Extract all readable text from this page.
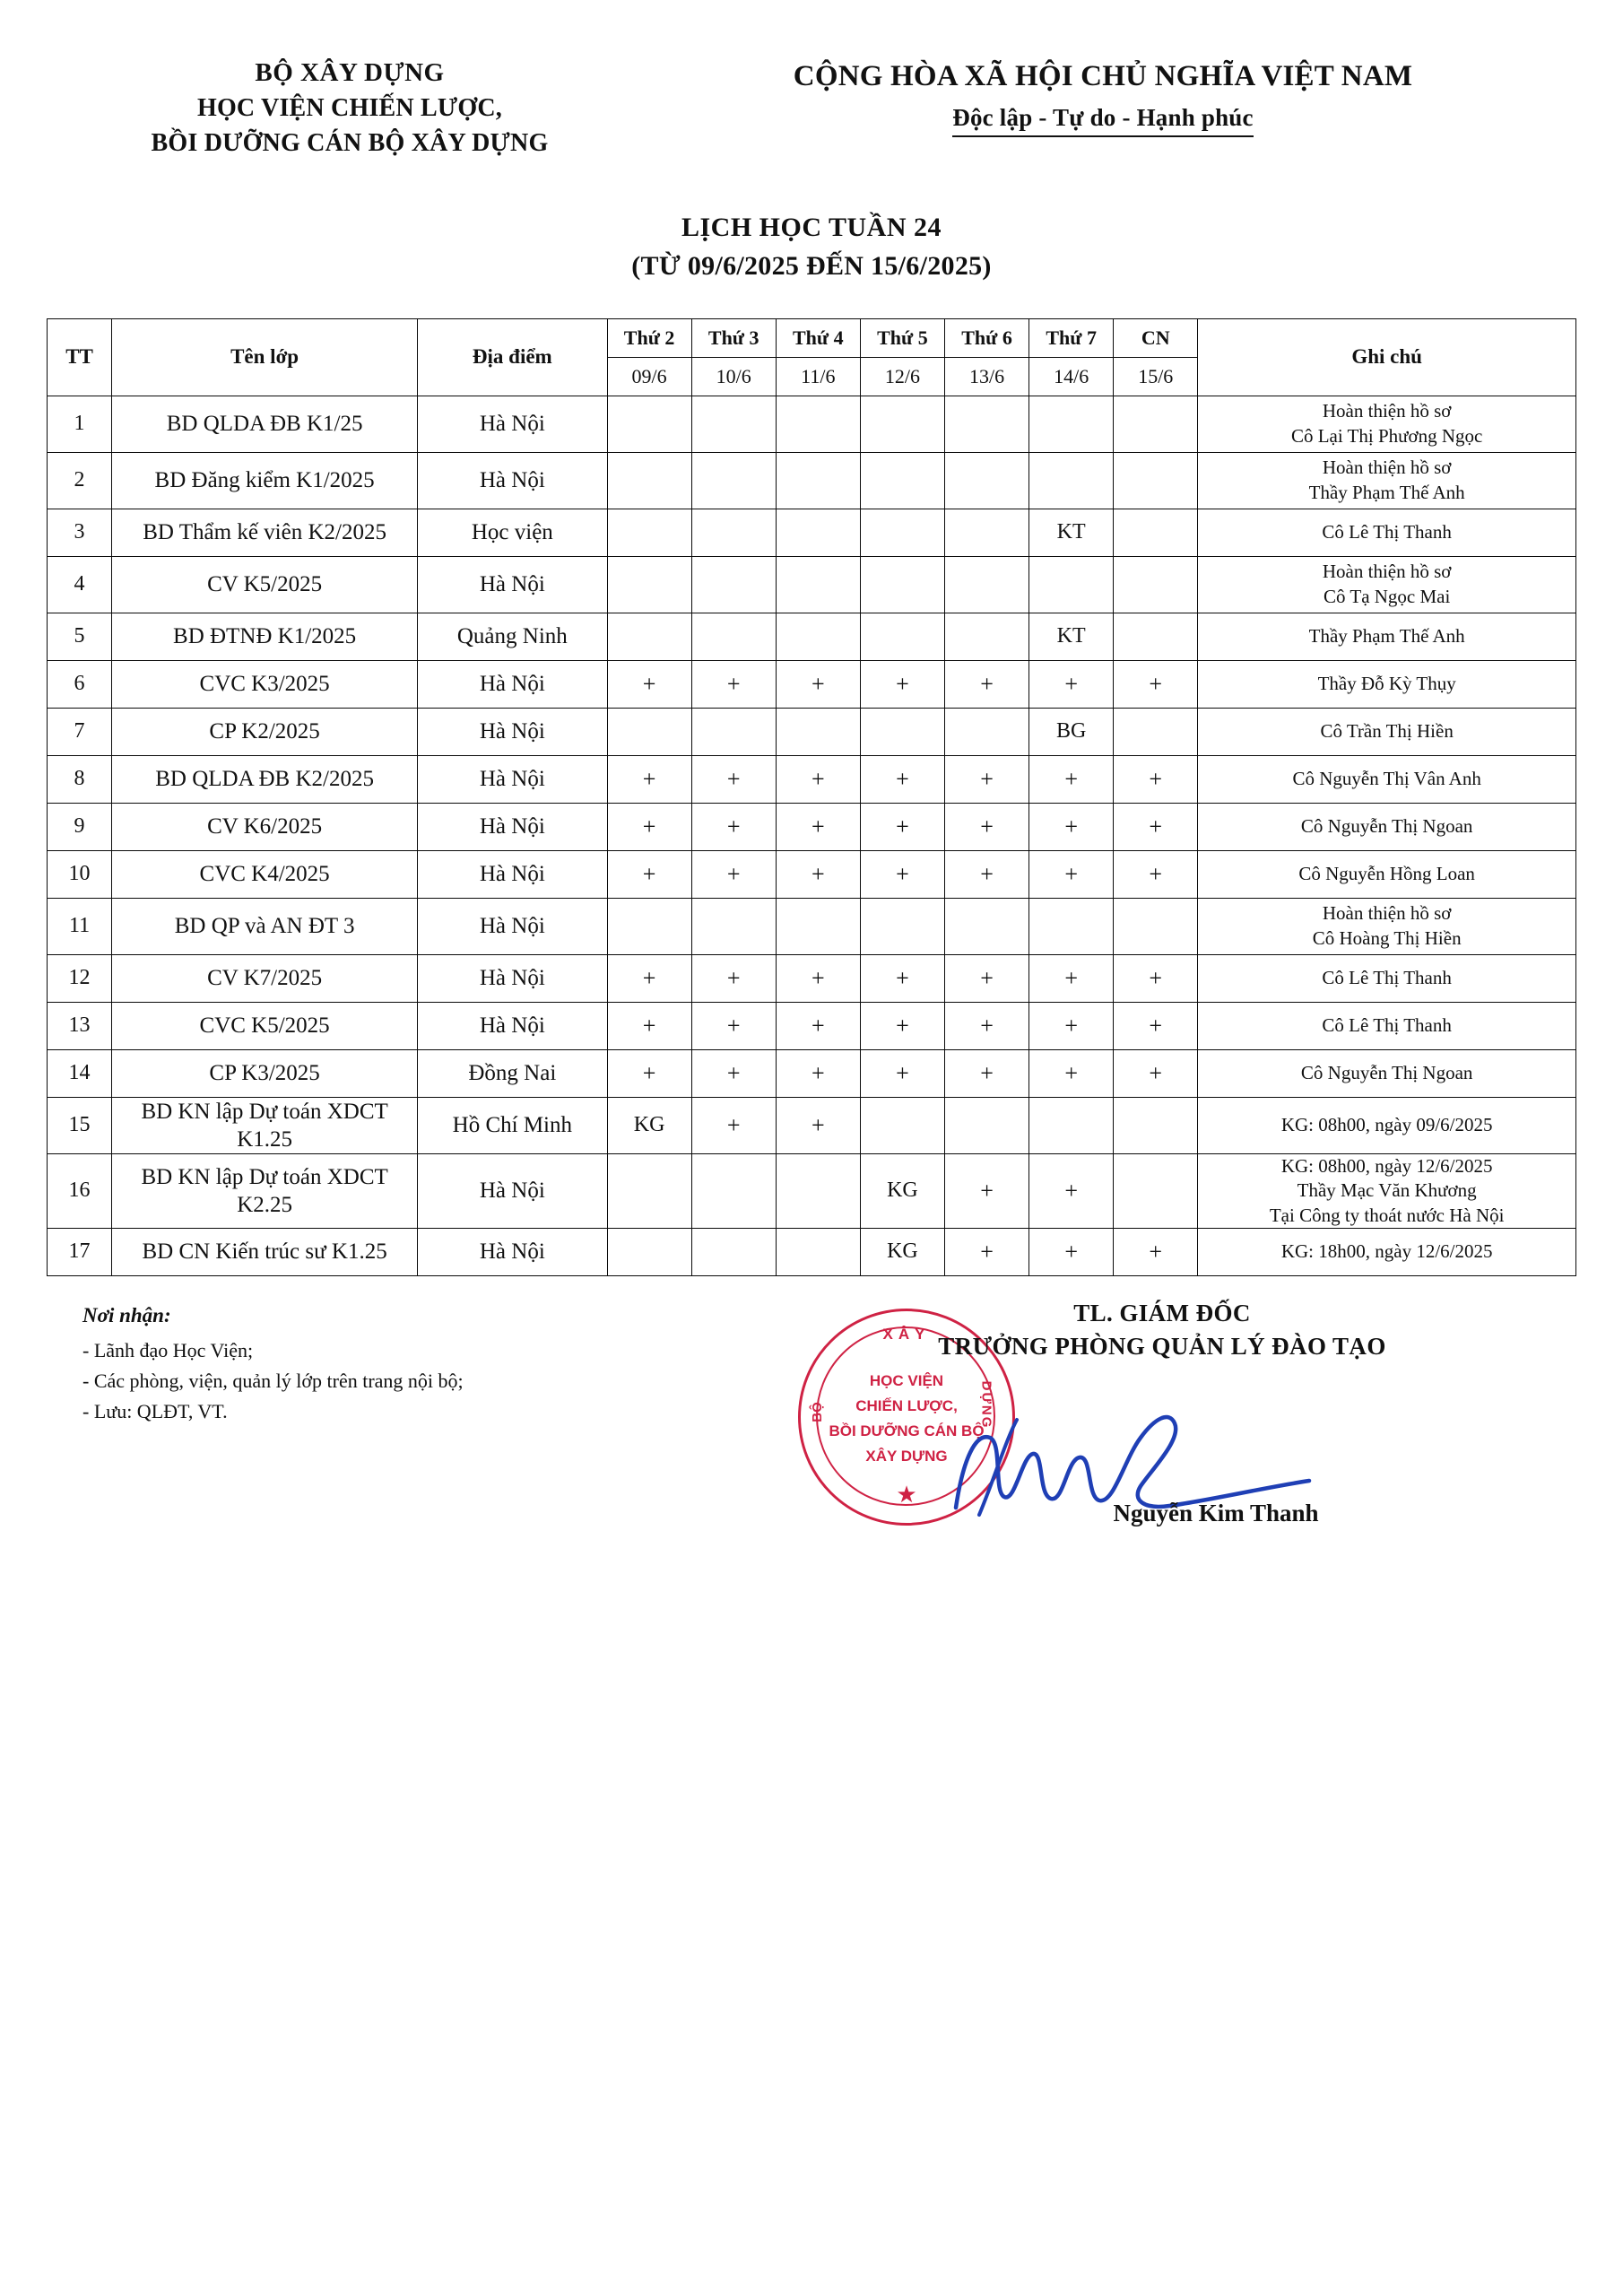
BỘ XÂY DỰNG
HỌC VIỆN CHIẾN LƯỢC,
BỒI DƯỠNG CÁN BỘ XÂY DỰNG
CỘNG HÒA XÃ HỘI CHỦ NGHĨA VIỆT NAM
Độc lập - Tự do - Hạnh phúc
LỊCH HỌC TUẦN 24
(TỪ 09/6/2025 ĐẾN 15/6/2025)
TT	Tên lớp	Địa điểm	Thứ 2	Thứ 3	Thứ 4	Thứ 5	Thứ 6	Thứ 7	CN	Ghi chú
			09/6	10/6	11/6	12/6	13/6	14/6	15/6	
1	BD QLDA ĐB K1/25	Hà Nội								Hoàn thiện hồ sơ
Cô Lại Thị Phương Ngọc

2	BD Đăng kiểm K1/2025	Hà Nội								Hoàn thiện hồ sơ
Thầy Phạm Thế Anh

3	BD Thẩm kế viên K2/2025	Học viện						KT		Cô Lê Thị Thanh

4	CV K5/2025	Hà Nội								Hoàn thiện hồ sơ
Cô Tạ Ngọc Mai

5	BD ĐTNĐ K1/2025	Quảng Ninh						KT		Thầy Phạm Thế Anh

6	CVC K3/2025	Hà Nội	+	+	+	+	+	+	+	Thầy Đỗ Kỳ Thụy

7	CP K2/2025	Hà Nội						BG		Cô Trần Thị Hiền

8	BD QLDA ĐB K2/2025	Hà Nội	+	+	+	+	+	+	+	Cô Nguyễn Thị Vân Anh

9	CV K6/2025	Hà Nội	+	+	+	+	+	+	+	Cô Nguyễn Thị Ngoan

10	CVC K4/2025	Hà Nội	+	+	+	+	+	+	+	Cô Nguyễn Hồng Loan

11	BD QP và AN ĐT 3	Hà Nội								Hoàn thiện hồ sơ
Cô Hoàng Thị Hiền

12	CV K7/2025	Hà Nội	+	+	+	+	+	+	+	Cô Lê Thị Thanh

13	CVC K5/2025	Hà Nội	+	+	+	+	+	+	+	Cô Lê Thị Thanh

14	CP K3/2025	Đồng Nai	+	+	+	+	+	+	+	Cô Nguyễn Thị Ngoan

15	BD KN lập Dự toán XDCT K1.25	Hồ Chí Minh	KG	+	+					KG: 08h00, ngày 09/6/2025

16	BD KN lập Dự toán XDCT K2.25	Hà Nội				KG	+	+		KG: 08h00, ngày 12/6/2025
Thầy Mạc Văn Khương
Tại Công ty thoát nước Hà Nội

17	BD CN Kiến trúc sư K1.25	Hà Nội				KG	+	+	+	KG: 18h00, ngày 12/6/2025
Nơi nhận:
- Lãnh đạo Học Viện;
- Các phòng, viện, quản lý lớp trên trang nội bộ;
- Lưu: QLĐT, VT.
XÂY
BỘ	DỰNG
HỌC VIỆN
CHIẾN LƯỢC,
BỒI DƯỠNG CÁN BỘ
XÂY DỰNG
★
TL. GIÁM ĐỐC
TRƯỞNG PHÒNG QUẢN LÝ ĐÀO TẠO
Nguyễn Kim Thanh
